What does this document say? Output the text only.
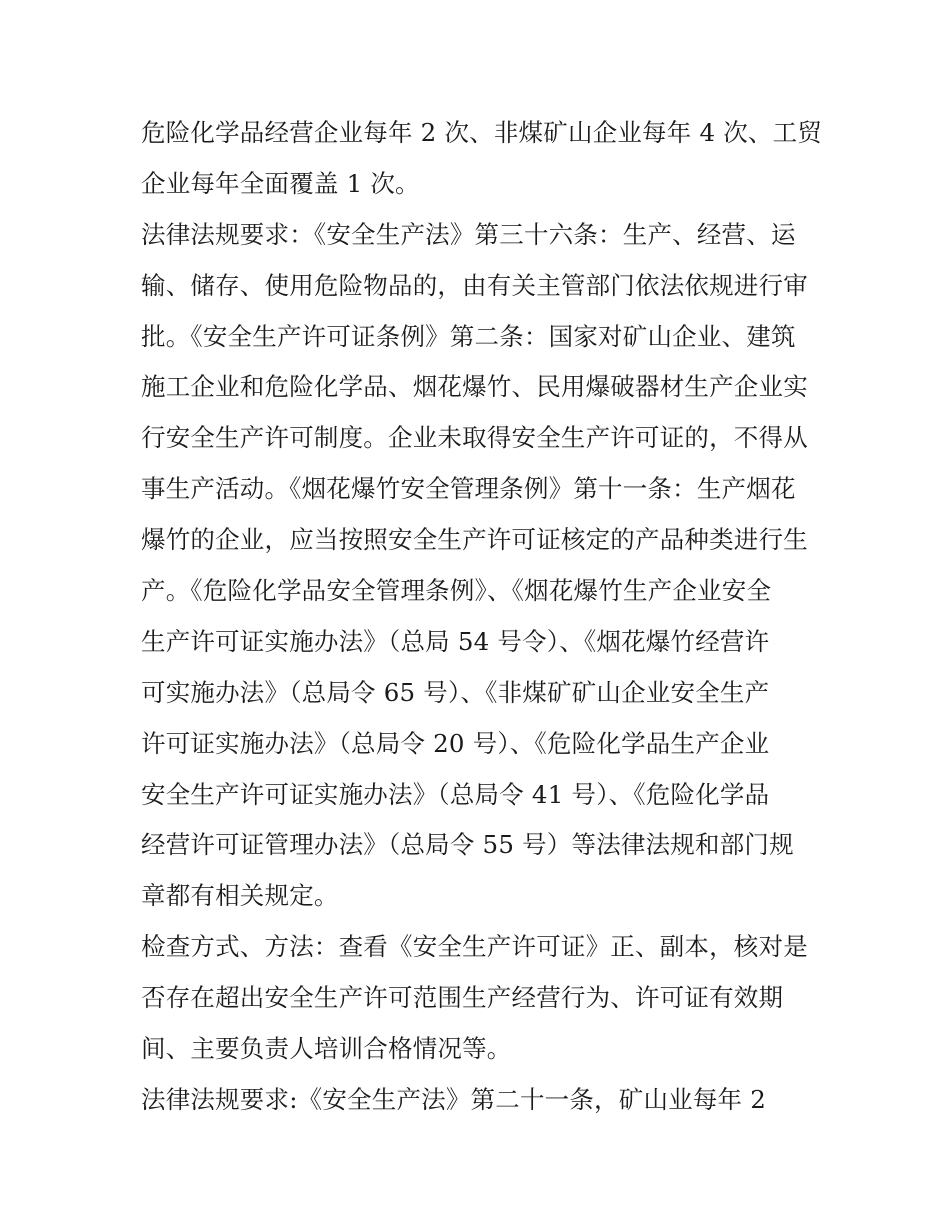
危险化学品经营企业每年 2 次、非煤矿山企业每年 4 次、工贸
企业每年全面覆盖 1 次。
法律法规要求：《安全生产法》第三十六条：生产、经营、运
输、储存、使用危险物品的，由有关主管部门依法依规进行审
批。《安全生产许可证条例》第二条：国家对矿山企业、建筑
施工企业和危险化学品、烟花爆竹、民用爆破器材生产企业实
行安全生产许可制度。企业未取得安全生产许可证的，不得从
事生产活动。《烟花爆竹安全管理条例》第十一条：生产烟花
爆竹的企业，应当按照安全生产许可证核定的产品种类进行生
产。《危险化学品安全管理条例》、《烟花爆竹生产企业安全
生产许可证实施办法》（总局 54 号令）、《烟花爆竹经营许
可实施办法》（总局令 65 号）、《非煤矿矿山企业安全生产
许可证实施办法》（总局令 20 号）、《危险化学品生产企业
安全生产许可证实施办法》（总局令 41 号）、《危险化学品
经营许可证管理办法》（总局令 55 号）等法律法规和部门规
章都有相关规定。
检查方式、方法：查看《安全生产许可证》正、副本，核对是
否存在超出安全生产许可范围生产经营行为、许可证有效期
间、主要负责人培训合格情况等。
法律法规要求:《安全生产法》第二十一条，矿山业每年 2
